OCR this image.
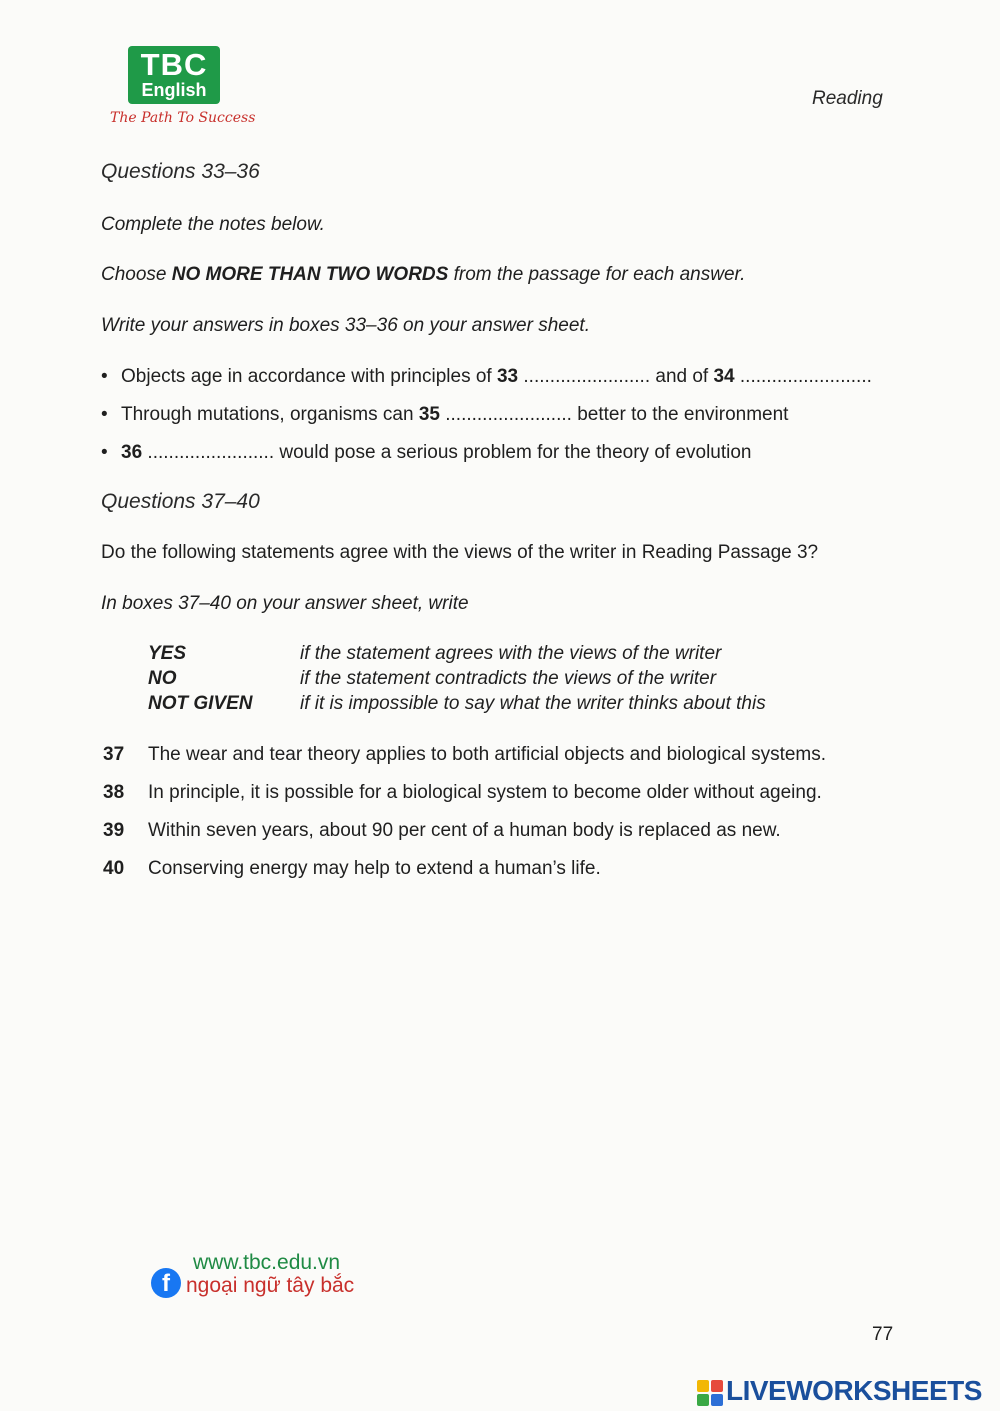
TBC
English
The Path To Success
Reading
Questions 33–36
Complete the notes below.
Choose NO MORE THAN TWO WORDS from the passage for each answer.
Write your answers in boxes 33–36 on your answer sheet.
• Objects age in accordance with principles of 33 ........................ and of 34 .........................
• Through mutations, organisms can 35 ........................ better to the environment
• 36 ........................ would pose a serious problem for the theory of evolution
Questions 37–40
Do the following statements agree with the views of the writer in Reading Passage 3?
In boxes 37–40 on your answer sheet, write
YES	if the statement agrees with the views of the writer
NO	if the statement contradicts the views of the writer
NOT GIVEN if it is impossible to say what the writer thinks about this
37 The wear and tear theory applies to both artificial objects and biological systems.
38 In principle, it is possible for a biological system to become older without ageing.
39 Within seven years, about 90 per cent of a human body is replaced as new.
40 Conserving energy may help to extend a human’s life.
www.tbc.edu.vn
f ngoại ngữ tây bắc
77
LIVEWORKSHEETS
